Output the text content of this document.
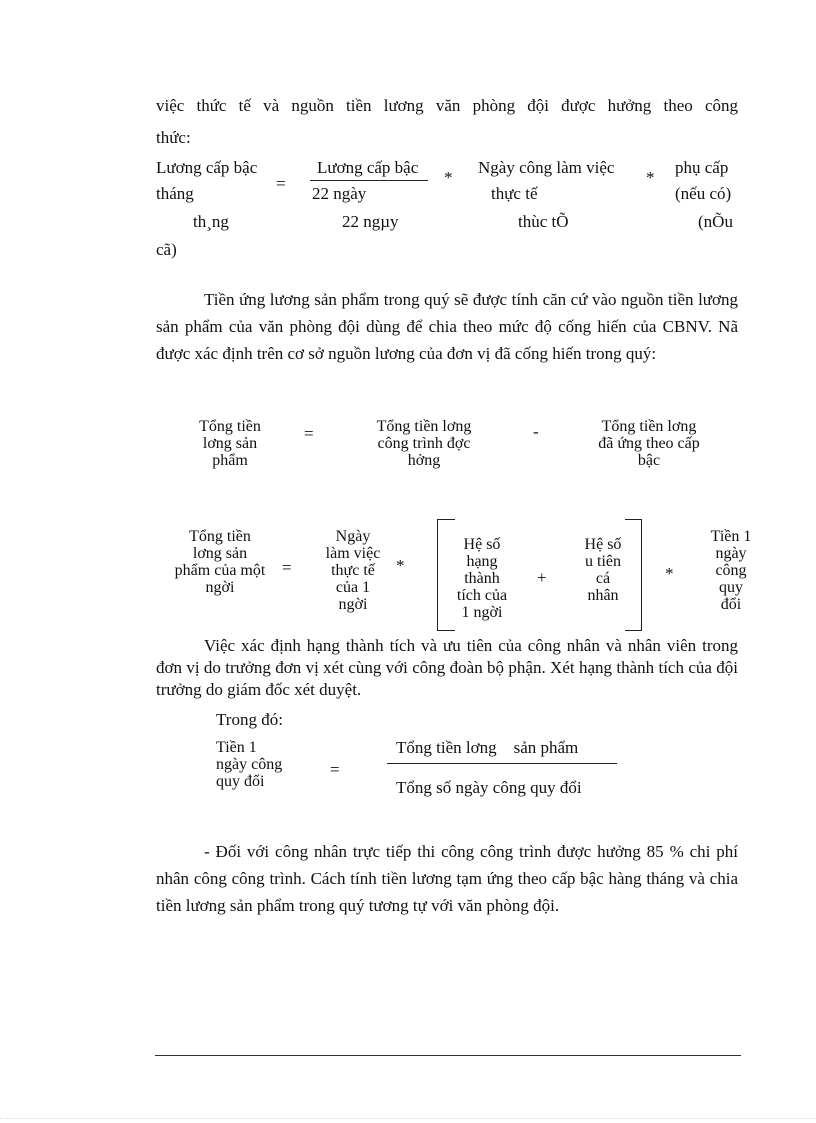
việc thức tế và nguồn tiền lương văn phòng đội được hưởng theo công
thức:
Lương cấp bậc
tháng
=
Lương cấp bậc
22 ngày
*
Ngày công làm việc
thực tế
*
phụ cấp
(nếu có)
th¸ng	22 ngµy	thùc tÕ	(nÕu
cã)
Tiền ứng lương sản phẩm trong quý sẽ được tính căn cứ vào nguồn tiền lương sản phẩm của văn phòng đội dùng để chia theo mức độ cống hiến của CBNV. Nã được xác định trên cơ sở nguồn lương của đơn vị đã cống hiến trong quý:
Tổng tiền
lơng sản
phẩm
=	Tổng tiền lơng
công trình đợc
hởng
-	Tổng tiền lơng
đã ứng theo cấp
bậc
Tổng tiền
lơng sản
phẩm của một
ngời
=
Ngày
làm việc
thực tế
của 1
ngời
*
Hệ số
hạng
thành
tích của
1 ngời
+
Hệ số
u tiên
cá
nhân
*
Tiền 1
ngày
công
quy
đổi
Việc xác định hạng thành tích và ưu tiên của công nhân và nhân viên trong đơn vị do trưởng đơn vị xét cùng với công đoàn bộ phận. Xét hạng thành tích của đội trưởng do giám đốc xét duyệt.
Trong đó:
Tiền 1
ngày công
quy đổi
=
Tổng tiền lơng    sản phẩm
Tổng số ngày công quy đổi
- Đối với công nhân trực tiếp thi công công trình được hưởng 85 % chi phí nhân công công trình. Cách tính tiền lương tạm ứng theo cấp bậc hàng tháng và chia tiền lương sản phẩm trong quý tương tự với văn phòng đội.
